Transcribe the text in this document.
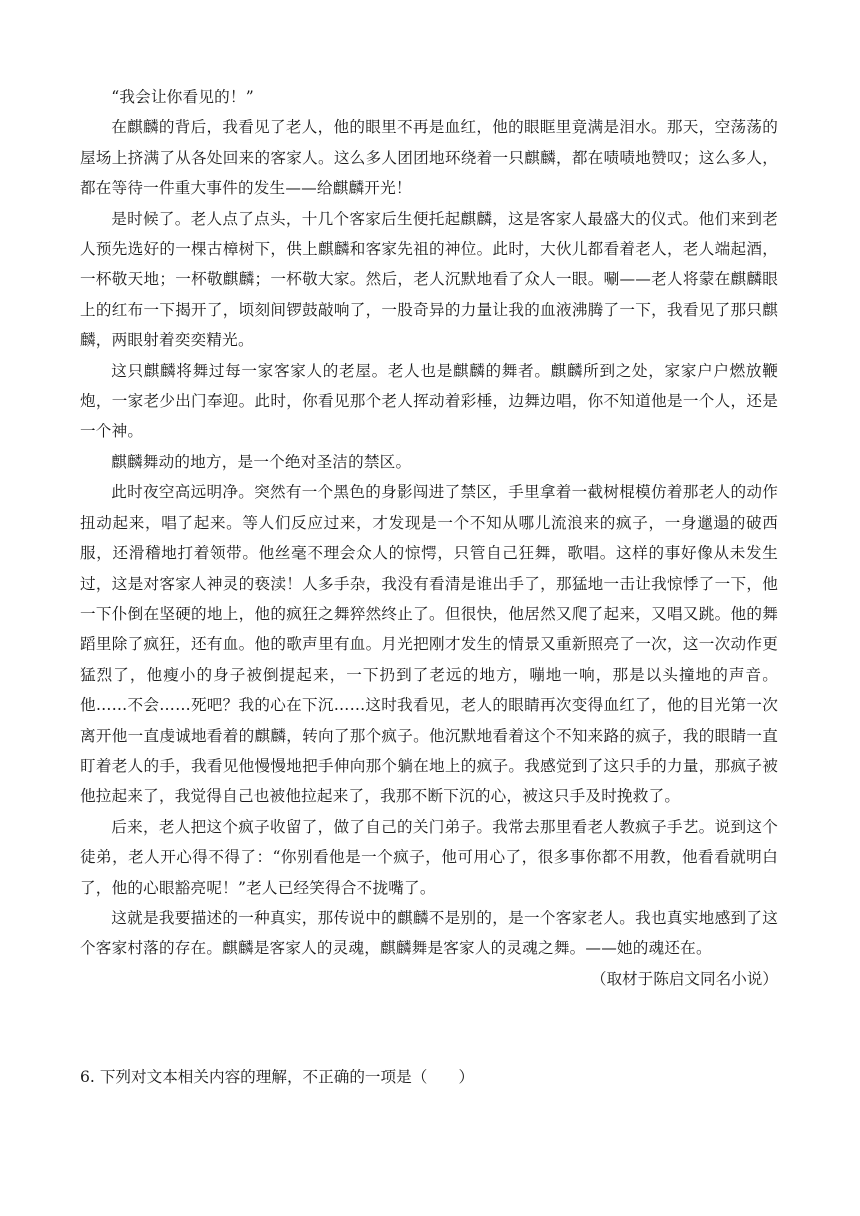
“我会让你看见的！”

在麒麟的背后，我看见了老人，他的眼里不再是血红，他的眼眶里竟满是泪水。那天，空荡荡的屋场上挤满了从各处回来的客家人。这么多人团团地环绕着一只麒麟，都在啧啧地赞叹；这么多人，都在等待一件重大事件的发生——给麒麟开光！

是时候了。老人点了点头，十几个客家后生便托起麒麟，这是客家人最盛大的仪式。他们来到老人预先选好的一棵古樟树下，供上麒麟和客家先祖的神位。此时，大伙儿都看着老人，老人端起酒，一杯敬天地；一杯敬麒麟；一杯敬大家。然后，老人沉默地看了众人一眼。唰——老人将蒙在麒麟眼上的红布一下揭开了，顷刻间锣鼓敲响了，一股奇异的力量让我的血液沸腾了一下，我看见了那只麒麟，两眼射着奕奕精光。

这只麒麟将舞过每一家客家人的老屋。老人也是麒麟的舞者。麒麟所到之处，家家户户燃放鞭炮，一家老少出门奉迎。此时，你看见那个老人挥动着彩棰，边舞边唱，你不知道他是一个人，还是一个神。

麒麟舞动的地方，是一个绝对圣洁的禁区。

此时夜空高远明净。突然有一个黑色的身影闯进了禁区，手里拿着一截树棍模仿着那老人的动作扭动起来，唱了起来。等人们反应过来，才发现是一个不知从哪儿流浪来的疯子，一身邋遢的破西服，还滑稽地打着领带。他丝毫不理会众人的惊愕，只管自己狂舞，歌唱。这样的事好像从未发生过，这是对客家人神灵的亵渎！人多手杂，我没有看清是谁出手了，那猛地一击让我惊悸了一下，他一下仆倒在坚硬的地上，他的疯狂之舞猝然终止了。但很快，他居然又爬了起来，又唱又跳。他的舞蹈里除了疯狂，还有血。他的歌声里有血。月光把刚才发生的情景又重新照亮了一次，这一次动作更猛烈了，他瘦小的身子被倒提起来，一下扔到了老远的地方，嘣地一响，那是以头撞地的声音。他……不会……死吧？我的心在下沉……这时我看见，老人的眼睛再次变得血红了，他的目光第一次离开他一直虔诚地看着的麒麟，转向了那个疯子。他沉默地看着这个不知来路的疯子，我的眼睛一直盯着老人的手，我看见他慢慢地把手伸向那个躺在地上的疯子。我感觉到了这只手的力量，那疯子被他拉起来了，我觉得自己也被他拉起来了，我那不断下沉的心，被这只手及时挽救了。

后来，老人把这个疯子收留了，做了自己的关门弟子。我常去那里看老人教疯子手艺。说到这个徒弟，老人开心得不得了：“你别看他是一个疯子，他可用心了，很多事你都不用教，他看看就明白了，他的心眼豁亮呢！”老人已经笑得合不拢嘴了。

这就是我要描述的一种真实，那传说中的麒麟不是别的，是一个客家老人。我也真实地感到了这个客家村落的存在。麒麟是客家人的灵魂，麒麟舞是客家人的灵魂之舞。——她的魂还在。

（取材于陈启文同名小说）

6. 下列对文本相关内容的理解，不正确的一项是（　　）
